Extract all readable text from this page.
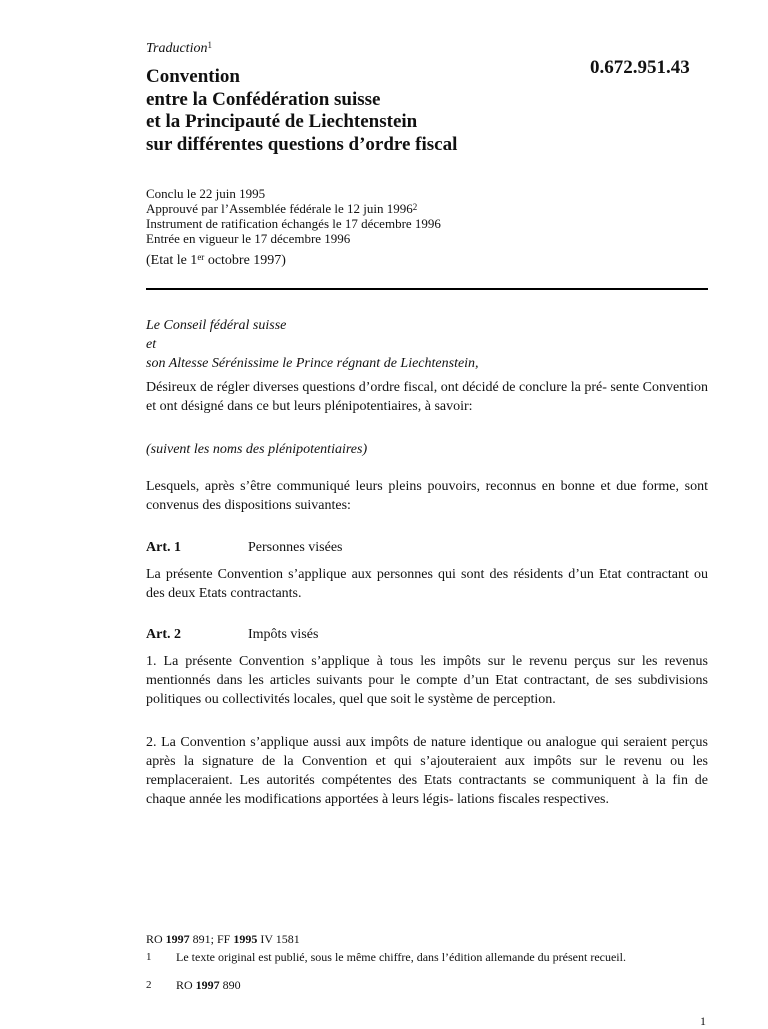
Traduction$^1$
0.672.951.43
Convention
entre la Confédération suisse
et la Principauté de Liechtenstein
sur différentes questions d’ordre fiscal
Conclu le 22 juin 1995
Approuvé par l’Assemblée fédérale le 12 juin 1996$^2$
Instrument de ratification échangés le 17 décembre 1996
Entrée en vigueur le 17 décembre 1996
(Etat le 1er octobre 1997)
Le Conseil fédéral suisse
et
son Altesse Sérénissime le Prince régnant de Liechtenstein,
Désireux de régler diverses questions d’ordre fiscal, ont décidé de conclure la pré- sente Convention et ont désigné dans ce but leurs plénipotentiaires, à savoir:
(suivent les noms des plénipotentiaires)
Lesquels, après s’être communiqué leurs pleins pouvoirs, reconnus en bonne et due forme, sont convenus des dispositions suivantes:
Art. 1	Personnes visées
La présente Convention s’applique aux personnes qui sont des résidents d’un Etat contractant ou des deux Etats contractants.
Art. 2	Impôts visés
1. La présente Convention s’applique à tous les impôts sur le revenu perçus sur les revenus mentionnés dans les articles suivants pour le compte d’un Etat contractant, de ses subdivisions politiques ou collectivités locales, quel que soit le système de perception.
2. La Convention s’applique aussi aux impôts de nature identique ou analogue qui seraient perçus après la signature de la Convention et qui s’ajouteraient aux impôts sur le revenu ou les remplaceraient. Les autorités compétentes des Etats contractants se communiquent à la fin de chaque année les modifications apportées à leurs légis- lations fiscales respectives.
RO 1997 891; FF 1995 IV 1581
1	Le texte original est publié, sous le même chiffre, dans l’édition allemande du présent recueil.
2	RO 1997 890
1
